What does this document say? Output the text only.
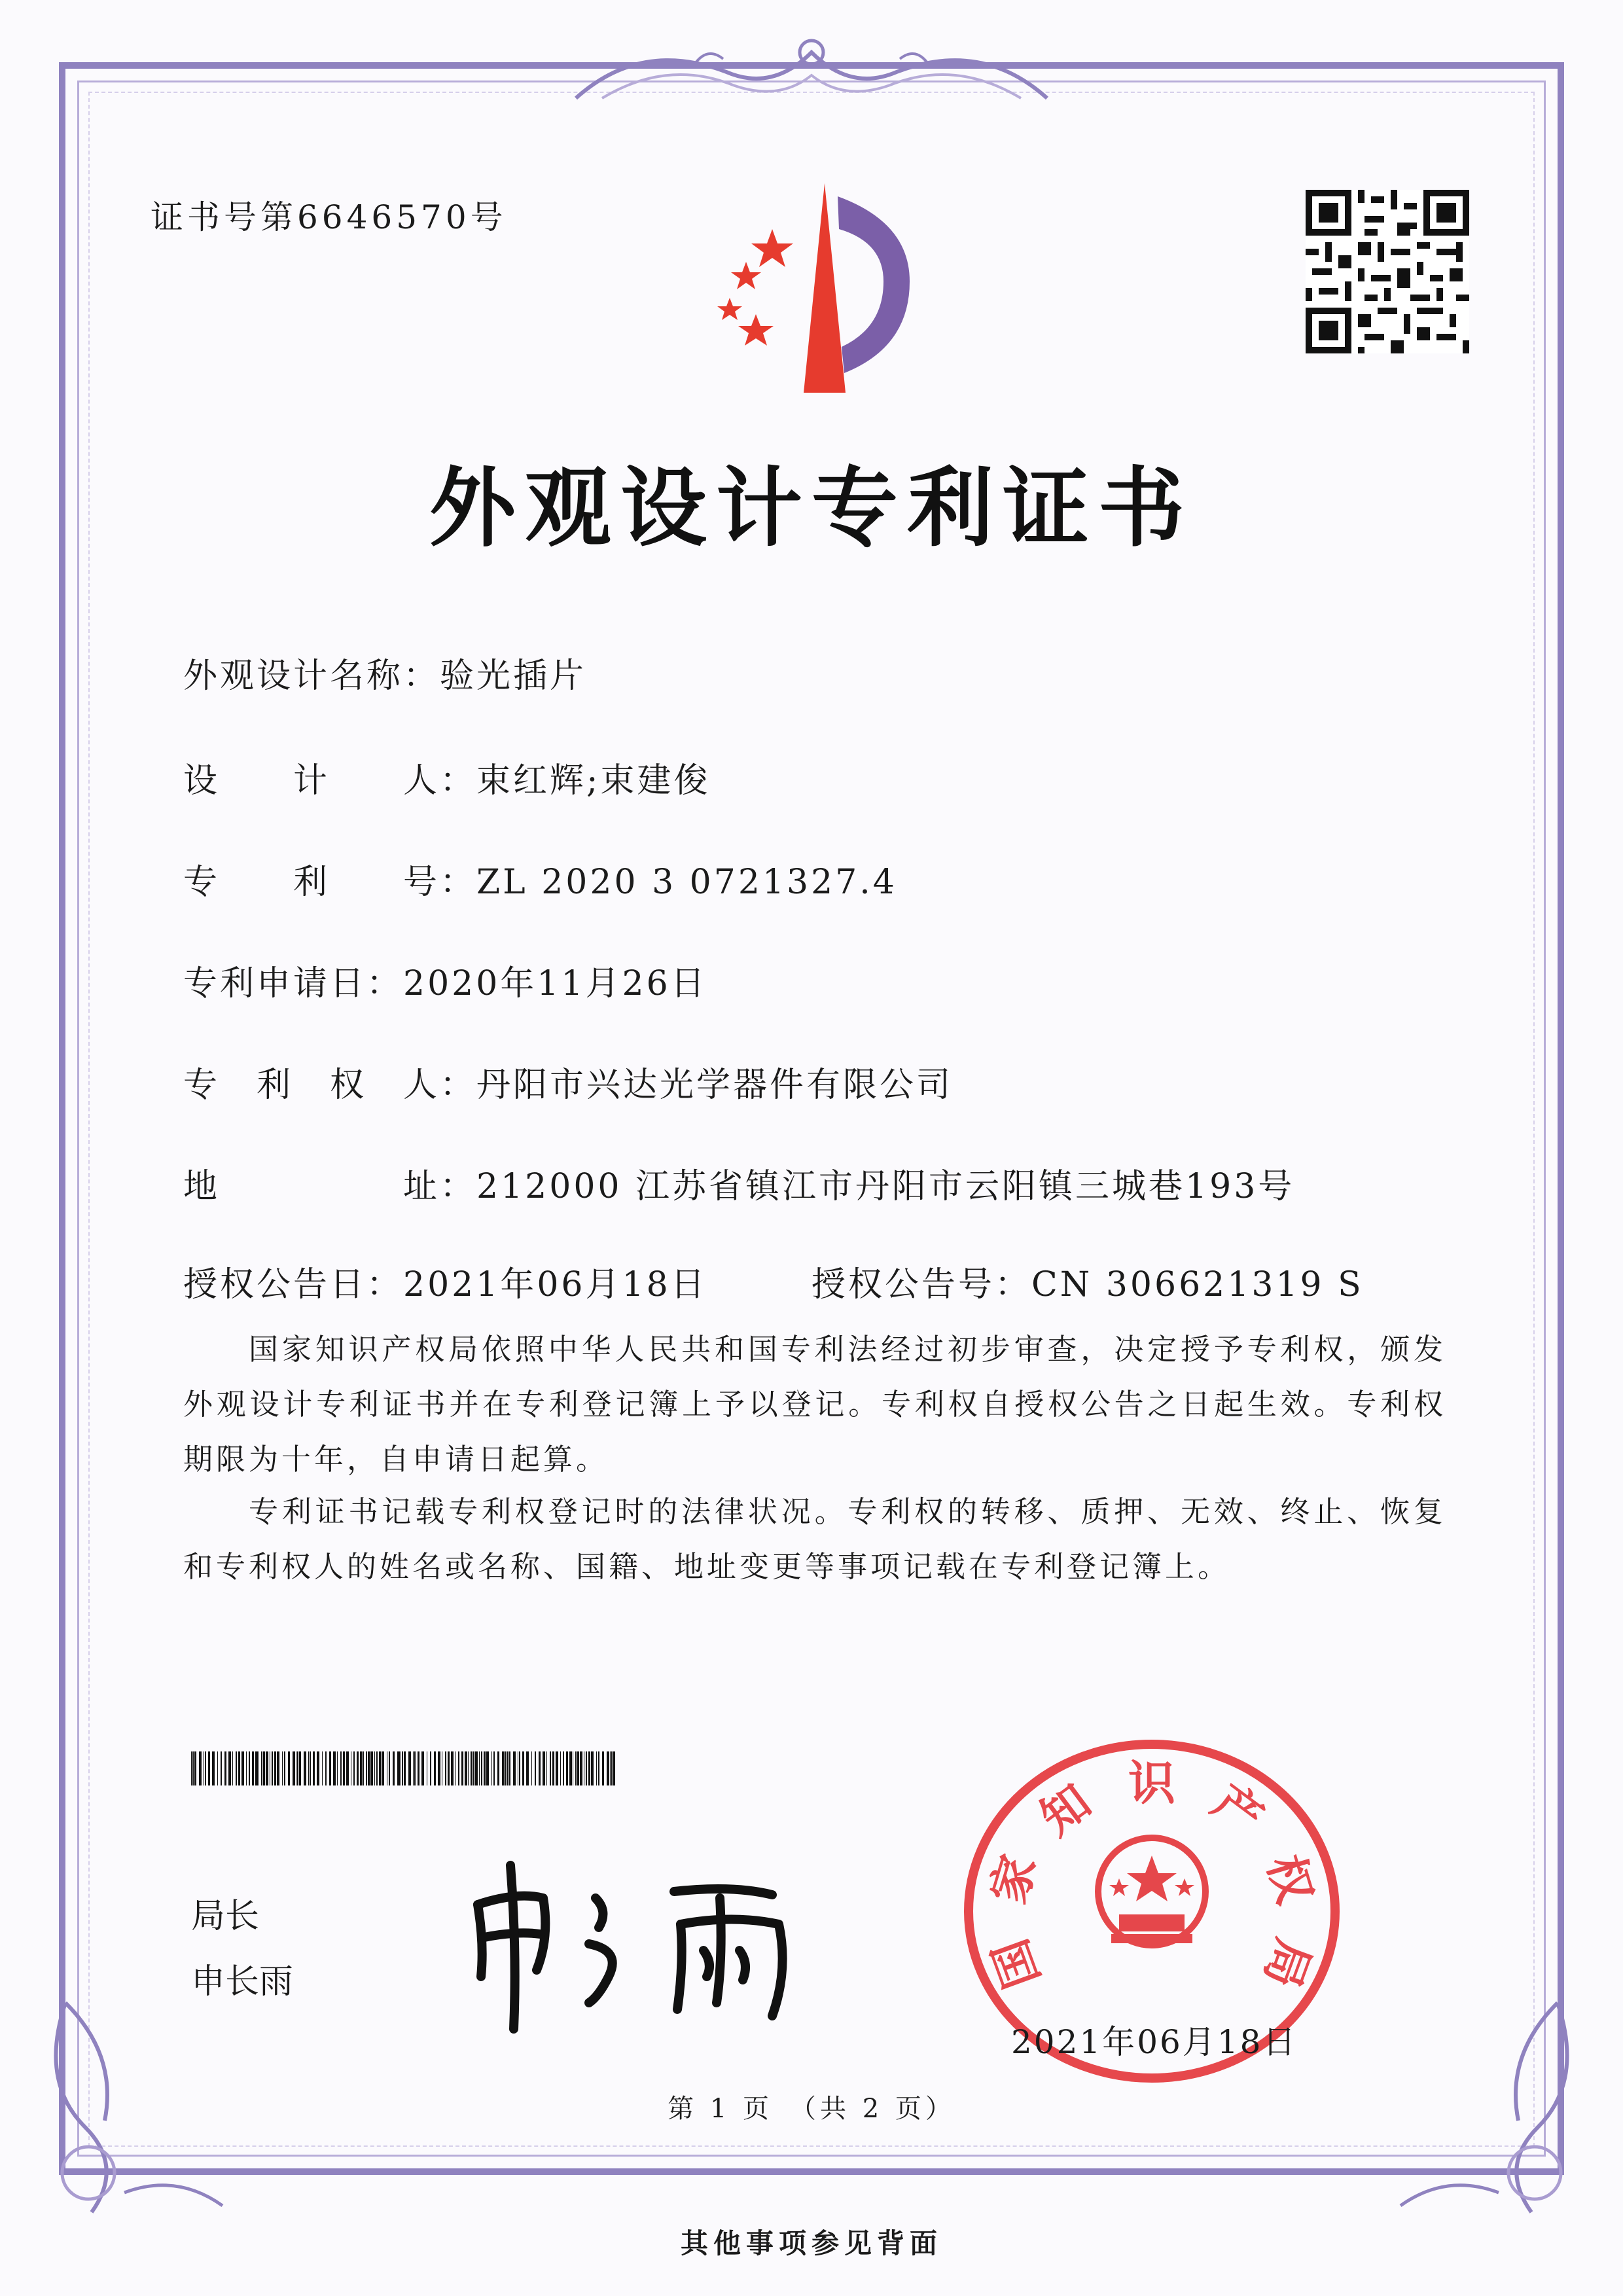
证书号第6646570号
外观设计专利证书
外观设计名称：验光插片
设　　计　　人：束红辉;束建俊
专　　利　　号：ZL 2020 3 0721327.4
专利申请日：2020年11月26日
专　利　权　人：丹阳市兴达光学器件有限公司
地　　　　　址：212000 江苏省镇江市丹阳市云阳镇三城巷193号
授权公告日：2021年06月18日	授权公告号：CN 306621319 S
国家知识产权局依照中华人民共和国专利法经过初步审查，决定授予专利权，颁发外观设计专利证书并在专利登记簿上予以登记。专利权自授权公告之日起生效。专利权期限为十年，自申请日起算。
专利证书记载专利权登记时的法律状况。专利权的转移、质押、无效、终止、恢复和专利权人的姓名或名称、国籍、地址变更等事项记载在专利登记簿上。
局长
申长雨	国
家
知 识 产
权
局
2021年06月18日
第 1 页　（共 2 页）
其他事项参见背面
